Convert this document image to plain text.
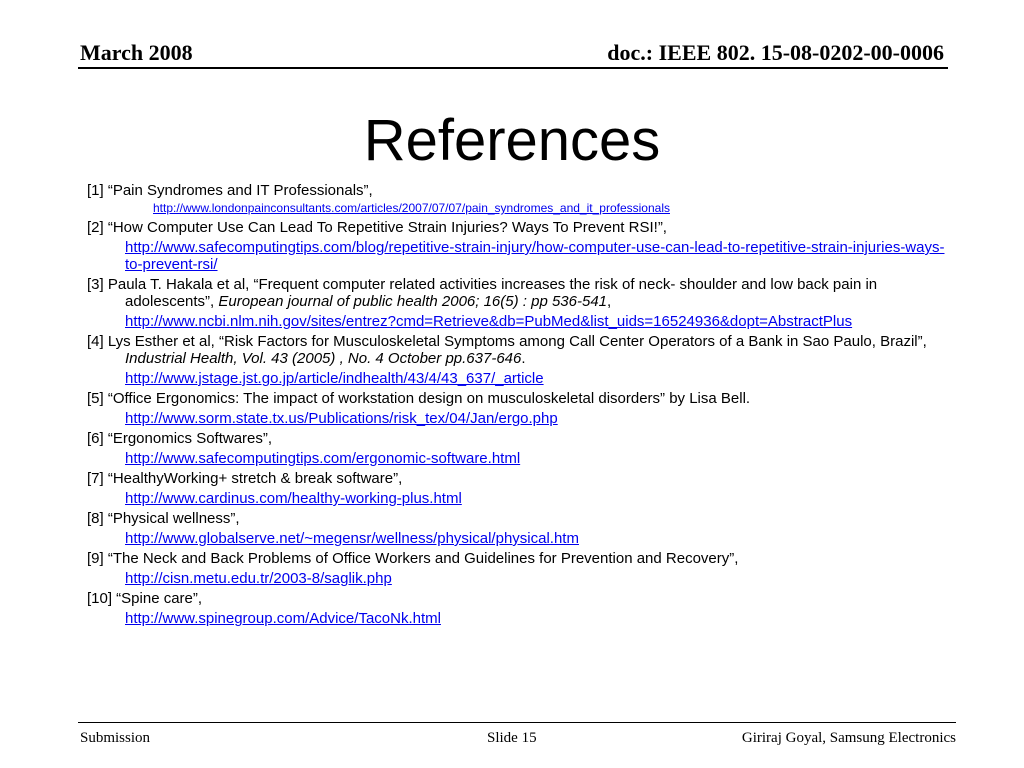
March 2008	doc.: IEEE 802. 15-08-0202-00-0006
References

[1] “Pain Syndromes and IT Professionals”,

http://www.londonpainconsultants.com/articles/2007/07/07/pain_syndromes_and_it_professionals

[2] “How Computer Use Can Lead To Repetitive Strain Injuries? Ways To Prevent RSI!”,

http://www.safecomputingtips.com/blog/repetitive-strain-injury/how-computer-use-can-lead-to-repetitive-strain-injuries-ways-to-prevent-rsi/

[3] Paula T. Hakala et al, “Frequent computer related activities increases the risk of neck- shoulder and low back pain in adolescents”, European journal of public health 2006; 16(5) : pp 536-541,

http://www.ncbi.nlm.nih.gov/sites/entrez?cmd=Retrieve&db=PubMed&list_uids=16524936&dopt=AbstractPlus

[4] Lys Esther et al, “Risk Factors for Musculoskeletal Symptoms among Call Center Operators of a Bank in Sao Paulo, Brazil”, Industrial Health, Vol. 43 (2005) , No. 4 October pp.637-646.

http://www.jstage.jst.go.jp/article/indhealth/43/4/43_637/_article

[5] “Office Ergonomics: The impact of workstation design on musculoskeletal disorders” by Lisa Bell.

http://www.sorm.state.tx.us/Publications/risk_tex/04/Jan/ergo.php

[6] “Ergonomics Softwares”,

http://www.safecomputingtips.com/ergonomic-software.html

[7] “HealthyWorking+ stretch & break software”,

http://www.cardinus.com/healthy-working-plus.html

[8] “Physical wellness”,

http://www.globalserve.net/~megensr/wellness/physical/physical.htm

[9] “The Neck and Back Problems of Office Workers and Guidelines for Prevention and Recovery”,

http://cisn.metu.edu.tr/2003-8/saglik.php

[10] “Spine care”,

http://www.spinegroup.com/Advice/TacoNk.html
Submission	Slide 15	Giriraj Goyal, Samsung Electronics
